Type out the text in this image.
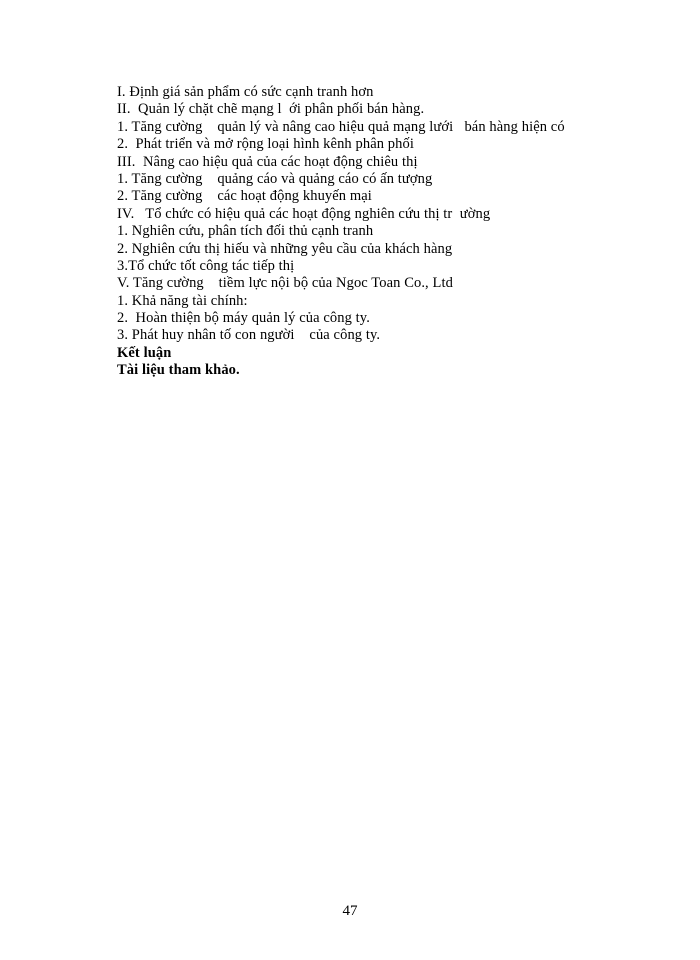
I. Định giá sản phẩm có sức cạnh tranh hơn
II.  Quản lý chặt chẽ mạng l  ới phân phối bán hàng.
1. Tăng cường    quản lý và nâng cao hiệu quả mạng lưới   bán hàng hiện có
2.  Phát triển và mở rộng loại hình kênh phân phối
III.  Nâng cao hiệu quả của các hoạt động chiêu thị
1. Tăng cường    quảng cáo và quảng cáo có ấn tượng
2. Tăng cường    các hoạt động khuyến mại
IV.   Tổ chức có hiệu quả các hoạt động nghiên cứu thị tr  ường
1. Nghiên cứu, phân tích đối thủ cạnh tranh
2. Nghiên cứu thị hiếu và những yêu cầu của khách hàng
3.Tổ chức tốt công tác tiếp thị
V. Tăng cường    tiềm lực nội bộ của Ngoc Toan Co., Ltd
1. Khả năng tài chính:
2.  Hoàn thiện bộ máy quản lý của công ty.
3. Phát huy nhân tố con người    của công ty.
Kết luận
Tài liệu tham khảo.
47
